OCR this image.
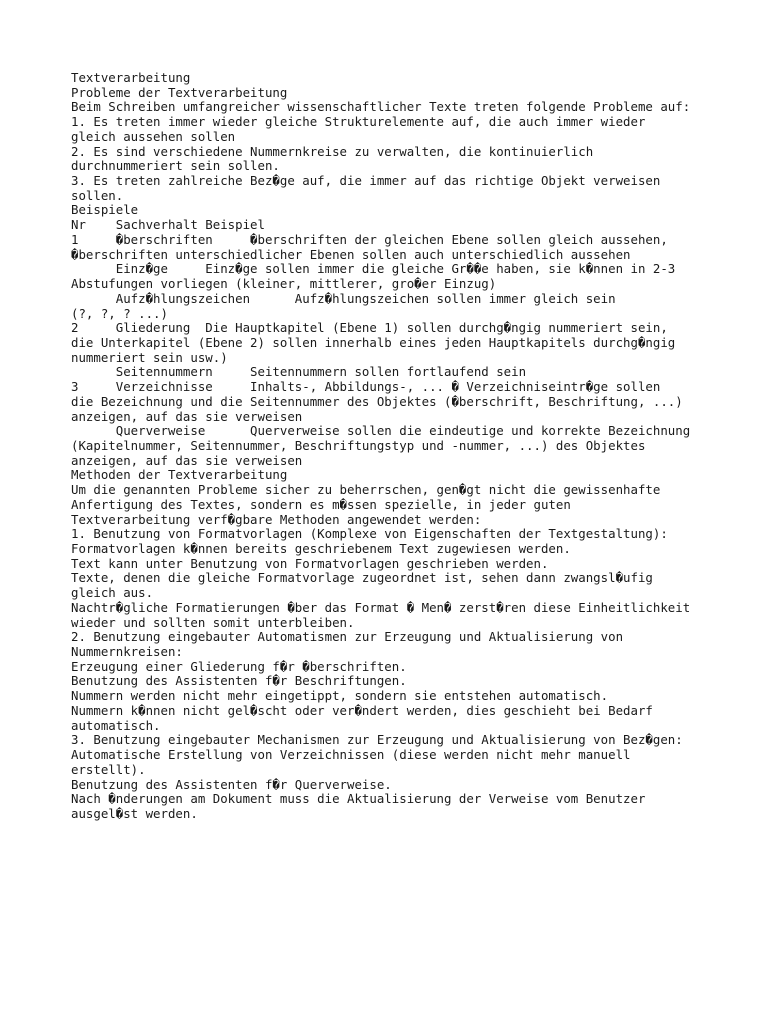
Textverarbeitung
Probleme der Textverarbeitung
Beim Schreiben umfangreicher wissenschaftlicher Texte treten folgende Probleme auf:
1. Es treten immer wieder gleiche Strukturelemente auf, die auch immer wieder
gleich aussehen sollen
2. Es sind verschiedene Nummernkreise zu verwalten, die kontinuierlich
durchnummeriert sein sollen.
3. Es treten zahlreiche Bez�ge auf, die immer auf das richtige Objekt verweisen
sollen.
Beispiele
Nr    Sachverhalt Beispiel
1     �berschriften     �berschriften der gleichen Ebene sollen gleich aussehen,
�berschriften unterschiedlicher Ebenen sollen auch unterschiedlich aussehen
Einz�ge     Einz�ge sollen immer die gleiche Gr��e haben, sie k�nnen in 2-3
Abstufungen vorliegen (kleiner, mittlerer, gro�er Einzug)
Aufz�hlungszeichen      Aufz�hlungszeichen sollen immer gleich sein
(?, ?, ? ...)
2     Gliederung  Die Hauptkapitel (Ebene 1) sollen durchg�ngig nummeriert sein,
die Unterkapitel (Ebene 2) sollen innerhalb eines jeden Hauptkapitels durchg�ngig
nummeriert sein usw.)
Seitennummern     Seitennummern sollen fortlaufend sein
3     Verzeichnisse     Inhalts-, Abbildungs-, ... � Verzeichniseintr�ge sollen
die Bezeichnung und die Seitennummer des Objektes (�berschrift, Beschriftung, ...)
anzeigen, auf das sie verweisen
Querverweise      Querverweise sollen die eindeutige und korrekte Bezeichnung
(Kapitelnummer, Seitennummer, Beschriftungstyp und -nummer, ...) des Objektes
anzeigen, auf das sie verweisen
Methoden der Textverarbeitung
Um die genannten Probleme sicher zu beherrschen, gen�gt nicht die gewissenhafte
Anfertigung des Textes, sondern es m�ssen spezielle, in jeder guten
Textverarbeitung verf�gbare Methoden angewendet werden:
1. Benutzung von Formatvorlagen (Komplexe von Eigenschaften der Textgestaltung):
Formatvorlagen k�nnen bereits geschriebenem Text zugewiesen werden.
Text kann unter Benutzung von Formatvorlagen geschrieben werden.
Texte, denen die gleiche Formatvorlage zugeordnet ist, sehen dann zwangsl�ufig
gleich aus.
Nachtr�gliche Formatierungen �ber das Format � Men� zerst�ren diese Einheitlichkeit
wieder und sollten somit unterbleiben.
2. Benutzung eingebauter Automatismen zur Erzeugung und Aktualisierung von
Nummernkreisen:
Erzeugung einer Gliederung f�r �berschriften.
Benutzung des Assistenten f�r Beschriftungen.
Nummern werden nicht mehr eingetippt, sondern sie entstehen automatisch.
Nummern k�nnen nicht gel�scht oder ver�ndert werden, dies geschieht bei Bedarf
automatisch.
3. Benutzung eingebauter Mechanismen zur Erzeugung und Aktualisierung von Bez�gen:
Automatische Erstellung von Verzeichnissen (diese werden nicht mehr manuell
erstellt).
Benutzung des Assistenten f�r Querverweise.
Nach �nderungen am Dokument muss die Aktualisierung der Verweise vom Benutzer
ausgel�st werden.
